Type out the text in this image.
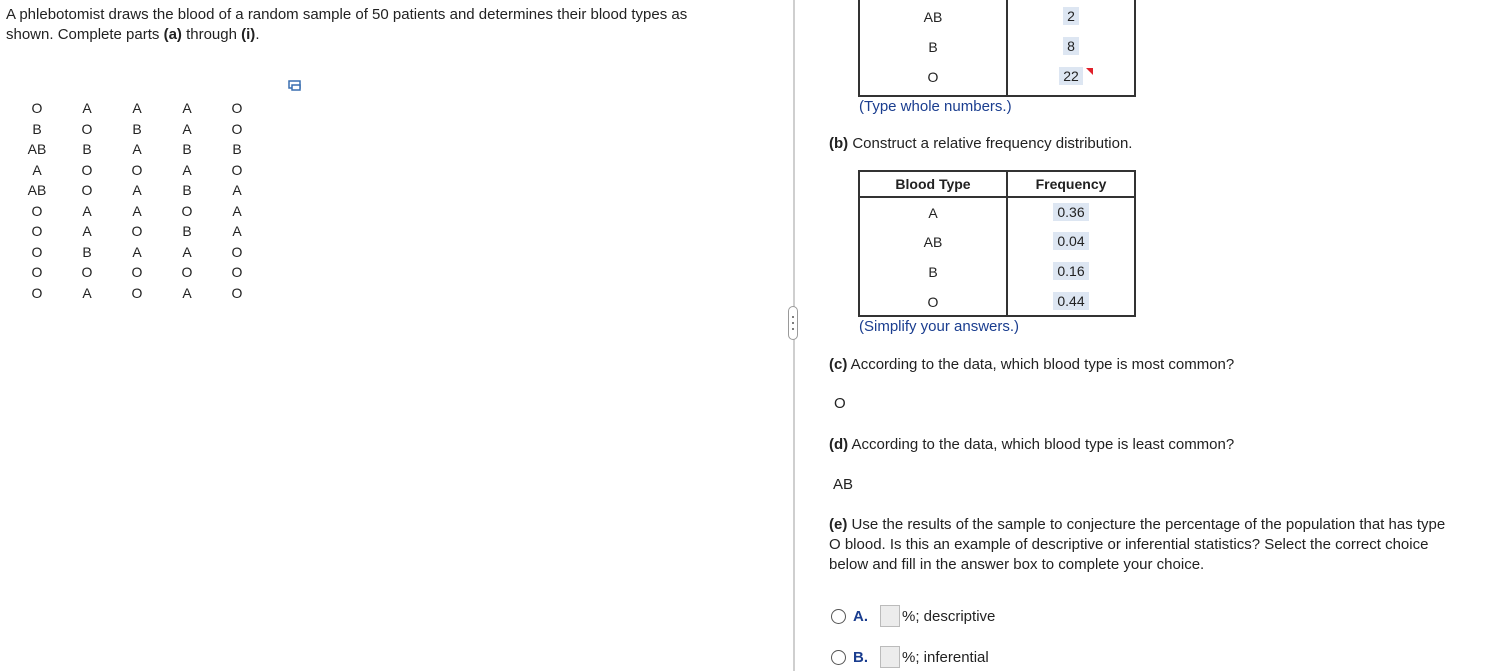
A phlebotomist draws the blood of a random sample of 50 patients and determines their blood types as
shown. Complete parts (a) through (i).
O
B
AB
A
AB
O
O
O
O
O
A
O
B
O
O
A
A
B
O
A
A
B
A
O
A
A
O
A
O
O
A
A
B
A
B
O
B
A
O
A
O
O
B
O
A
A
A
O
O
O
AB
B
O
2
8
22
(Type whole numbers.)
(b) Construct a relative frequency distribution.
Blood Type	Frequency
A
AB
B
O
0.36
0.04
0.16
0.44
(Simplify your answers.)
(c) According to the data, which blood type is most common?
O
(d) According to the data, which blood type is least common?
AB
(e) Use the results of the sample to conjecture the percentage of the population that has type
O blood. Is this an example of descriptive or inferential statistics? Select the correct choice
below and fill in the answer box to complete your choice.
A. %; descriptive
B. %; inferential
